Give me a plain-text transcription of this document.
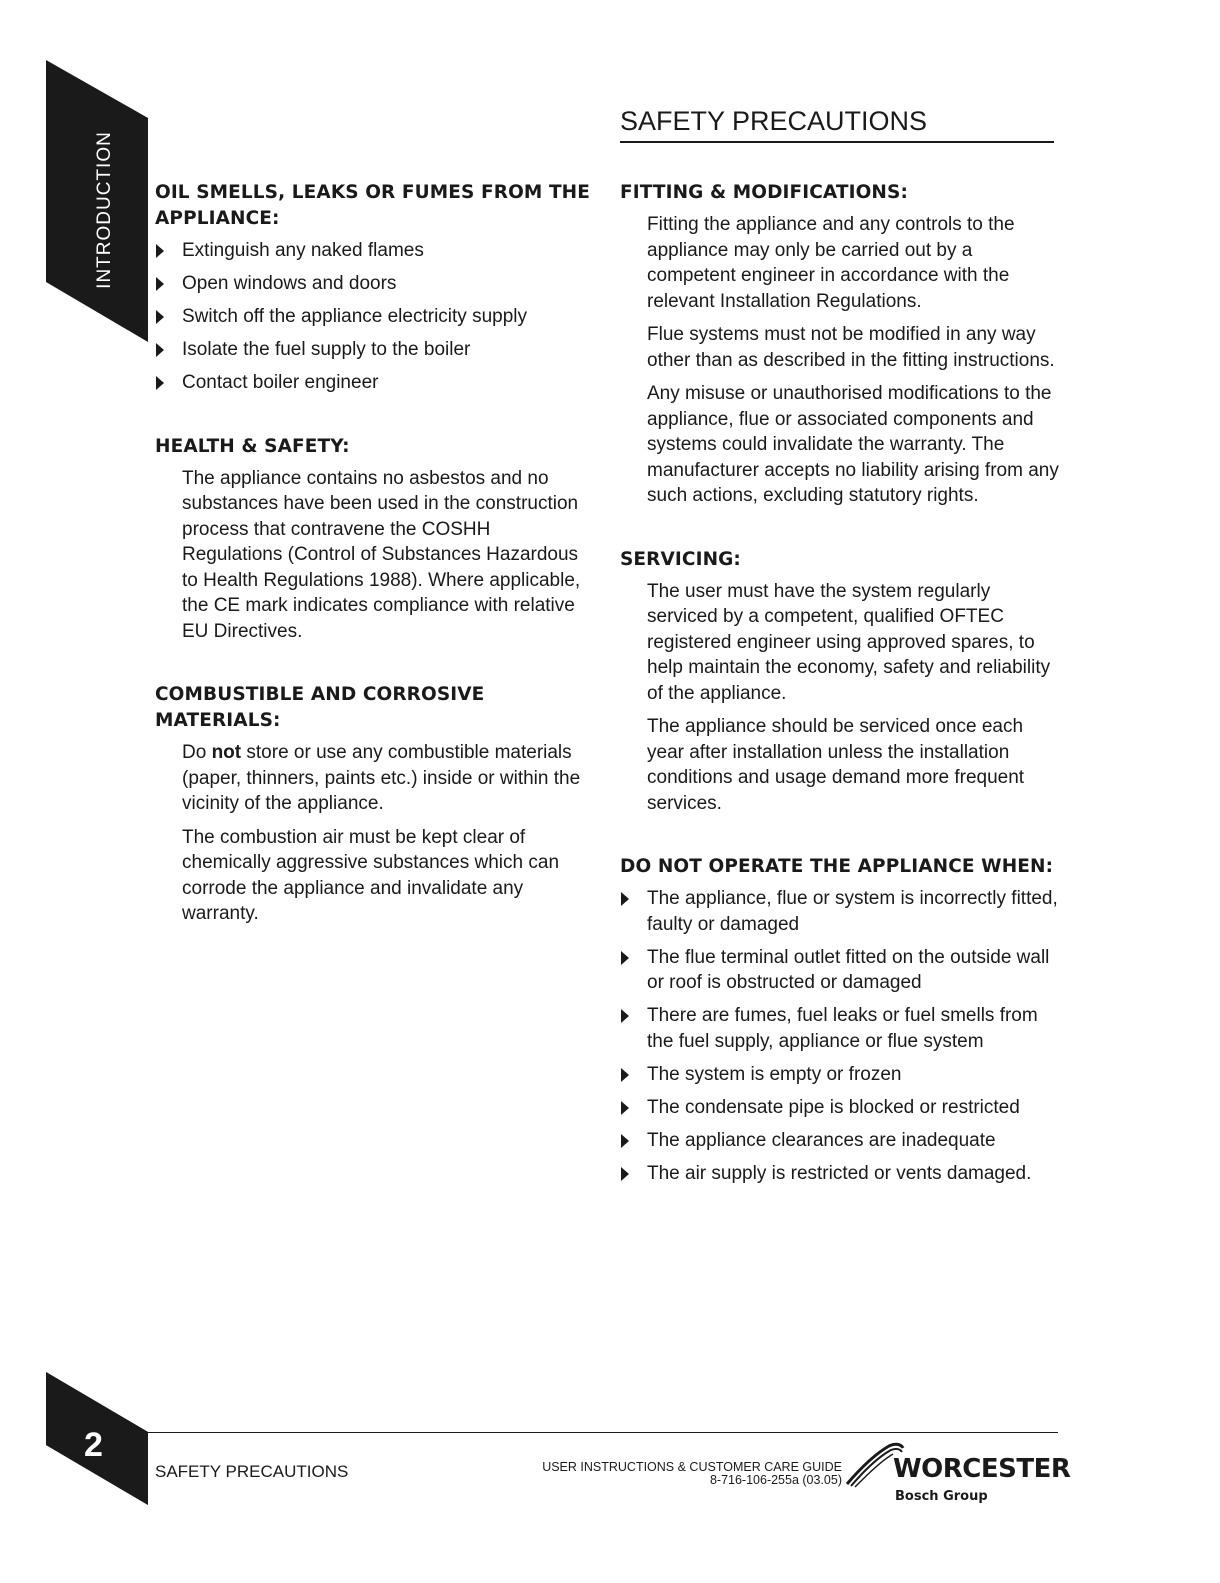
INTRODUCTION
SAFETY PRECAUTIONS
OIL SMELLS, LEAKS OR FUMES FROM THE APPLIANCE:
Extinguish any naked flames
Open windows and doors
Switch off the appliance electricity supply
Isolate the fuel supply to the boiler
Contact boiler engineer
HEALTH & SAFETY:

The appliance contains no asbestos and no substances have been used in the construction process that contravene the COSHH Regulations (Control of Substances Hazardous to Health Regulations 1988). Where applicable, the CE mark indicates compliance with relative EU Directives.

COMBUSTIBLE AND CORROSIVE MATERIALS:

Do not store or use any combustible materials (paper, thinners, paints etc.) inside or within the vicinity of the appliance.

The combustion air must be kept clear of chemically aggressive substances which can corrode the appliance and invalidate any warranty.

FITTING & MODIFICATIONS:

Fitting the appliance and any controls to the appliance may only be carried out by a competent engineer in accordance with the relevant Installation Regulations.

Flue systems must not be modified in any way other than as described in the fitting instructions.

Any misuse or unauthorised modifications to the appliance, flue or associated components and systems could invalidate the warranty. The manufacturer accepts no liability arising from any such actions, excluding statutory rights.

SERVICING:

The user must have the system regularly serviced by a competent, qualified OFTEC registered engineer using approved spares, to help maintain the economy, safety and reliability of the appliance.

The appliance should be serviced once each year after installation unless the installation conditions and usage demand more frequent services.

DO NOT OPERATE THE APPLIANCE WHEN:
The appliance, flue or system is incorrectly fitted, faulty or damaged
The flue terminal outlet fitted on the outside wall or roof is obstructed or damaged
There are fumes, fuel leaks or fuel smells from the fuel supply, appliance or flue system
The system is empty or frozen
The condensate pipe is blocked or restricted
The appliance clearances are inadequate
The air supply is restricted or vents damaged.
2
SAFETY PRECAUTIONS	USER INSTRUCTIONS & CUSTOMER CARE GUIDE
8-716-106-255a (03.05) WORCESTER
Bosch Group
